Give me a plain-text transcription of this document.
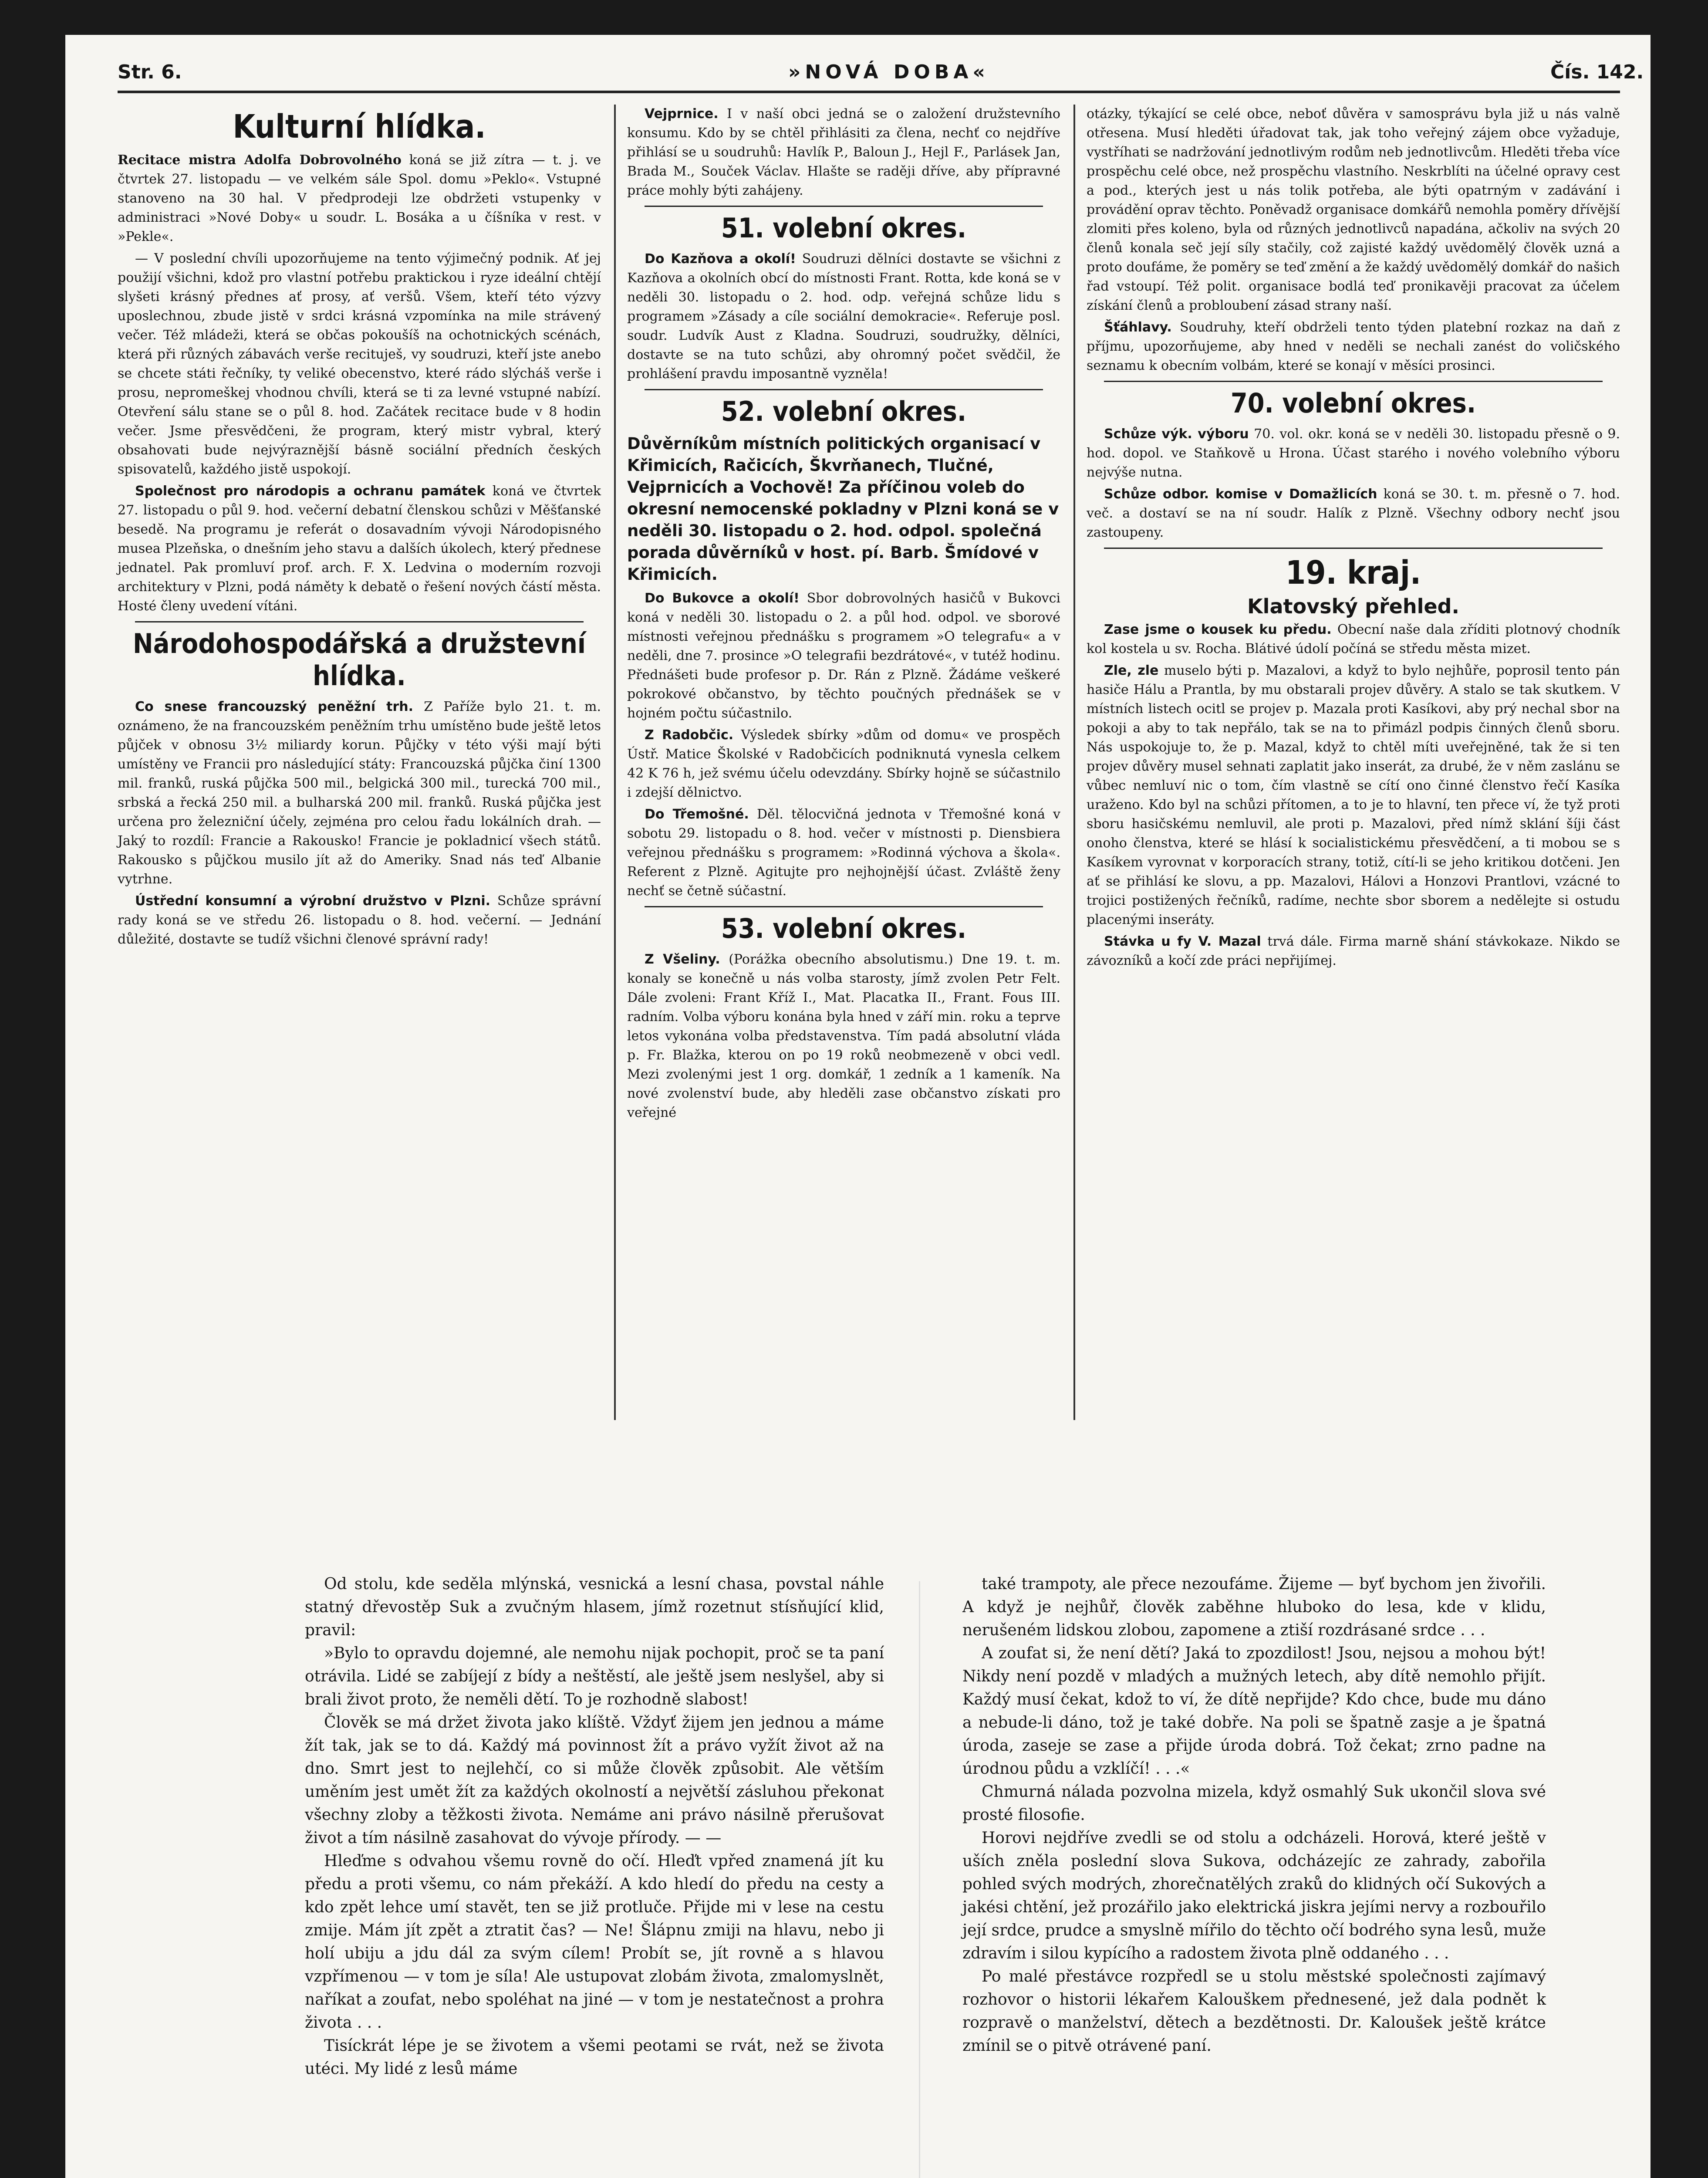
Str. 6.	»NOVÁ DOBA«	Čís. 142.
Kulturní hlídka.

Recitace mistra Adolfa Dobrovolného koná se již zítra — t. j. ve čtvrtek 27. listopadu — ve velkém sále Spol. domu »Peklo«. Vstupné stanoveno na 30 hal. V předprodeji lze obdržeti vstupenky v administraci »Nové Doby« u soudr. L. Bosáka a u číšníka v rest. v »Pekle«.

— V poslední chvíli upozorňujeme na tento výjimečný podnik. Ať jej použijí všichni, kdož pro vlastní potřebu praktickou i ryze ideální chtějí slyšeti krásný přednes ať prosy, ať veršů. Všem, kteří této výzvy uposlechnou, zbude jistě v srdci krásná vzpomínka na mile strávený večer. Též mládeži, která se občas pokoušíš na ochotnických scénách, která při různých zábavách verše recituješ, vy soudruzi, kteří jste anebo se chcete státi řečníky, ty veliké obecenstvo, které rádo slýcháš verše i prosu, nepromeškej vhodnou chvíli, která se ti za levné vstupné nabízí. Otevření sálu stane se o půl 8. hod. Začátek recitace bude v 8 hodin večer. Jsme přesvědčeni, že program, který mistr vybral, který obsahovati bude nejvýraznější básně sociální předních českých spisovatelů, každého jistě uspokojí.

Společnost pro národopis a ochranu památek koná ve čtvrtek 27. listopadu o půl 9. hod. večerní debatní členskou schůzi v Měšťanské besedě. Na programu je referát o dosavadním vývoji Národopisného musea Plzeňska, o dnešním jeho stavu a dalších úkolech, který přednese jednatel. Pak promluví prof. arch. F. X. Ledvina o moderním rozvoji architektury v Plzni, podá náměty k debatě o řešení nových částí města. Hosté členy uvedení vítáni.

Národohospodářská a družstevní hlídka.

Co snese francouzský peněžní trh. Z Paříže bylo 21. t. m. oznámeno, že na francouzském peněžním trhu umístěno bude ještě letos půjček v obnosu 3½ miliardy korun. Půjčky v této výši mají býti umístěny ve Francii pro následující státy: Francouzská půjčka činí 1300 mil. franků, ruská půjčka 500 mil., belgická 300 mil., turecká 700 mil., srbská a řecká 250 mil. a bulharská 200 mil. franků. Ruská půjčka jest určena pro železniční účely, zejména pro celou řadu lokálních drah. — Jaký to rozdíl: Francie a Rakousko! Francie je pokladnicí všech států. Rakousko s půjčkou musilo jít až do Ameriky. Snad nás teď Albanie vytrhne.

Ústřední konsumní a výrobní družstvo v Plzni. Schůze správní rady koná se ve středu 26. listopadu o 8. hod. večerní. — Jednání důležité, dostavte se tudíž všichni členové správní rady!

Vejprnice. I v naší obci jedná se o založení družstevního konsumu. Kdo by se chtěl přihlásiti za člena, nechť co nejdříve přihlásí se u soudruhů: Havlík P., Baloun J., Hejl F., Parlásek Jan, Brada M., Souček Václav. Hlašte se raději dříve, aby přípravné práce mohly býti zahájeny.

51. volební okres.

Do Kazňova a okolí! Soudruzi dělníci dostavte se všichni z Kazňova a okolních obcí do místnosti Frant. Rotta, kde koná se v neděli 30. listopadu o 2. hod. odp. veřejná schůze lidu s programem »Zásady a cíle sociální demokracie«. Referuje posl. soudr. Ludvík Aust z Kladna. Soudruzi, soudružky, dělníci, dostavte se na tuto schůzi, aby ohromný počet svědčil, že prohlášení pravdu imposantně vyzněla!

52. volební okres.
Důvěrníkům místních politických organisací v Křimicích, Račicích, Škvrňanech, Tlučné, Vejprnicích a Vochově! Za příčinou voleb do okresní nemocenské pokladny v Plzni koná se v neděli 30. listopadu o 2. hod. odpol. společná porada důvěrníků v host. pí. Barb. Šmídové v Křimicích.

Do Bukovce a okolí! Sbor dobrovolných hasičů v Bukovci koná v neděli 30. listopadu o 2. a půl hod. odpol. ve sborové místnosti veřejnou přednášku s programem »O telegrafu« a v neděli, dne 7. prosince »O telegrafii bezdrátové«, v tutéž hodinu. Přednášeti bude profesor p. Dr. Rán z Plzně. Žádáme veškeré pokrokové občanstvo, by těchto poučných přednášek se v hojném počtu súčastnilo.

Z Radobčic. Výsledek sbírky »dům od domu« ve prospěch Ústř. Matice Školské v Radobčicích podniknutá vynesla celkem 42 K 76 h, jež svému účelu odevzdány. Sbírky hojně se súčastnilo i zdejší dělnictvo.

Do Třemošné. Děl. tělocvičná jednota v Třemošné koná v sobotu 29. listopadu o 8. hod. večer v místnosti p. Diensbiera veřejnou přednášku s programem: »Rodinná výchova a škola«. Referent z Plzně. Agitujte pro nejhojnější účast. Zvláště ženy nechť se četně súčastní.

53. volební okres.

Z Všeliny. (Porážka obecního absolutismu.) Dne 19. t. m. konaly se konečně u nás volba starosty, jímž zvolen Petr Felt. Dále zvoleni: Frant Kříž I., Mat. Placatka II., Frant. Fous III. radním. Volba výboru konána byla hned v září min. roku a teprve letos vykonána volba představenstva. Tím padá absolutní vláda p. Fr. Blažka, kterou on po 19 roků neobmezeně v obci vedl. Mezi zvolenými jest 1 org. domkář, 1 zedník a 1 kameník. Na nové zvolenství bude, aby hleděli zase občanstvo získati pro veřejné

otázky, týkající se celé obce, neboť důvěra v samosprávu byla již u nás valně otřesena. Musí hleděti úřadovat tak, jak toho veřejný zájem obce vyžaduje, vystříhati se nadržování jednotlivým rodům neb jednotlivcům. Hleděti třeba více prospěchu celé obce, než prospěchu vlastního. Neskrblíti na účelné opravy cest a pod., kterých jest u nás tolik potřeba, ale býti opatrným v zadávání i provádění oprav těchto. Poněvadž organisace domkářů nemohla poměry dřívější zlomiti přes koleno, byla od různých jednotlivců napadána, ačkoliv na svých 20 členů konala seč její síly stačily, což zajisté každý uvědomělý člověk uzná a proto doufáme, že poměry se teď změní a že každý uvědomělý domkář do našich řad vstoupí. Též polit. organisace bodlá teď pronikavěji pracovat za účelem získání členů a probloubení zásad strany naší.

Šťáhlavy. Soudruhy, kteří obdrželi tento týden platební rozkaz na daň z příjmu, upozorňujeme, aby hned v neděli se nechali zanést do voličského seznamu k obecním volbám, které se konají v měsíci prosinci.

70. volební okres.

Schůze výk. výboru 70. vol. okr. koná se v neděli 30. listopadu přesně o 9. hod. dopol. ve Staňkově u Hrona. Účast starého i nového volebního výboru nejvýše nutna.

Schůze odbor. komise v Domažlicích koná se 30. t. m. přesně o 7. hod. več. a dostaví se na ní soudr. Halík z Plzně. Všechny odbory nechť jsou zastoupeny.

19. kraj.
Klatovský přehled.

Zase jsme o kousek ku předu. Obecní naše dala zříditi plotnový chodník kol kostela u sv. Rocha. Blátivé údolí počíná se středu města mizet.

Zle, zle muselo býti p. Mazalovi, a když to bylo nejhůře, poprosil tento pán hasiče Hálu a Prantla, by mu obstarali projev důvěry. A stalo se tak skutkem. V místních listech ocitl se projev p. Mazala proti Kasíkovi, aby prý nechal sbor na pokoji a aby to tak nepřálo, tak se na to přimázl podpis činných členů sboru. Nás uspokojuje to, že p. Mazal, když to chtěl míti uveřejněné, tak že si ten projev důvěry musel sehnati zaplatit jako inserát, za drubé, že v něm zaslánu se vůbec nemluví nic o tom, čím vlastně se cítí ono činné členstvo řečí Kasíka uraženo. Kdo byl na schůzi přítomen, a to je to hlavní, ten přece ví, že tyž proti sboru hasičskému nemluvil, ale proti p. Mazalovi, před nímž sklání šíji část onoho členstva, které se hlásí k socialistickému přesvědčení, a ti mobou se s Kasíkem vyrovnat v korporacích strany, totiž, cítí-li se jeho kritikou dotčeni. Jen ať se přihlásí ke slovu, a pp. Mazalovi, Hálovi a Honzovi Prantlovi, vzácné to trojici postižených řečníků, radíme, nechte sbor sborem a nedělejte si ostudu placenými inseráty.

Stávka u fy V. Mazal trvá dále. Firma marně shání stávkokaze. Nikdo se závozníků a kočí zde práci nepřijímej.

Od stolu, kde seděla mlýnská, vesnická a lesní chasa, povstal náhle statný dřevostěp Suk a zvučným hlasem, jímž rozetnut stísňující klid, pravil:

»Bylo to opravdu dojemné, ale nemohu nijak pochopit, proč se ta paní otrávila. Lidé se zabíjejí z bídy a neštěstí, ale ještě jsem neslyšel, aby si brali život proto, že neměli dětí. To je rozhodně slabost!

Člověk se má držet života jako klíště. Vždyť žijem jen jednou a máme žít tak, jak se to dá. Každý má povinnost žít a právo vyžít život až na dno. Smrt jest to nejlehčí, co si může člověk způsobit. Ale větším uměním jest umět žít za každých okolností a největší zásluhou překonat všechny zloby a těžkosti života. Nemáme ani právo násilně přerušovat život a tím násilně zasahovat do vývoje přírody. — —

Hleďme s odvahou všemu rovně do očí. Hleďt vpřed znamená jít ku předu a proti všemu, co nám překáží. A kdo hledí do předu na cesty a kdo zpět lehce umí stavět, ten se již protluče. Přijde mi v lese na cestu zmije. Mám jít zpět a ztratit čas? — Ne! Šlápnu zmiji na hlavu, nebo ji holí ubiju a jdu dál za svým cílem! Probít se, jít rovně a s hlavou vzpřímenou — v tom je síla! Ale ustupovat zlobám života, zmalomyslnět, naříkat a zoufat, nebo spoléhat na jiné — v tom je nestatečnost a prohra života . . .

Tisíckrát lépe je se životem a všemi peotami se rvát, než se života utéci. My lidé z lesů máme

také trampoty, ale přece nezoufáme. Žijeme — byť bychom jen živořili. A když je nejhůř, člověk zaběhne hluboko do lesa, kde v klidu, nerušeném lidskou zlobou, zapomene a ztiší rozdrásané srdce . . .

A zoufat si, že není dětí? Jaká to zpozdilost! Jsou, nejsou a mohou být! Nikdy není pozdě v mladých a mužných letech, aby dítě nemohlo přijít. Každý musí čekat, kdož to ví, že dítě nepřijde? Kdo chce, bude mu dáno a nebude-li dáno, tož je také dobře. Na poli se špatně zasje a je špatná úroda, zaseje se zase a přijde úroda dobrá. Tož čekat; zrno padne na úrodnou půdu a vzklíčí! . . .«

Chmurná nálada pozvolna mizela, když osmahlý Suk ukončil slova své prosté filosofie.

Horovi nejdříve zvedli se od stolu a odcházeli. Horová, které ještě v uších zněla poslední slova Sukova, odcházejíc ze zahrady, zabořila pohled svých modrých, zhorečnatělých zraků do klidných očí Sukových a jakési chtění, jež prozářilo jako elektrická jiskra jejími nervy a rozbouřilo její srdce, prudce a smyslně mířilo do těchto očí bodrého syna lesů, muže zdravím i silou kypícího a radostem života plně oddaného . . .

Po malé přestávce rozpředl se u stolu městské společnosti zajímavý rozhovor o historii lékařem Kalouškem přednesené, jež dala podnět k rozpravě o manželství, dětech a bezdětnosti. Dr. Kaloušek ještě krátce zmínil se o pitvě otrávené paní.
